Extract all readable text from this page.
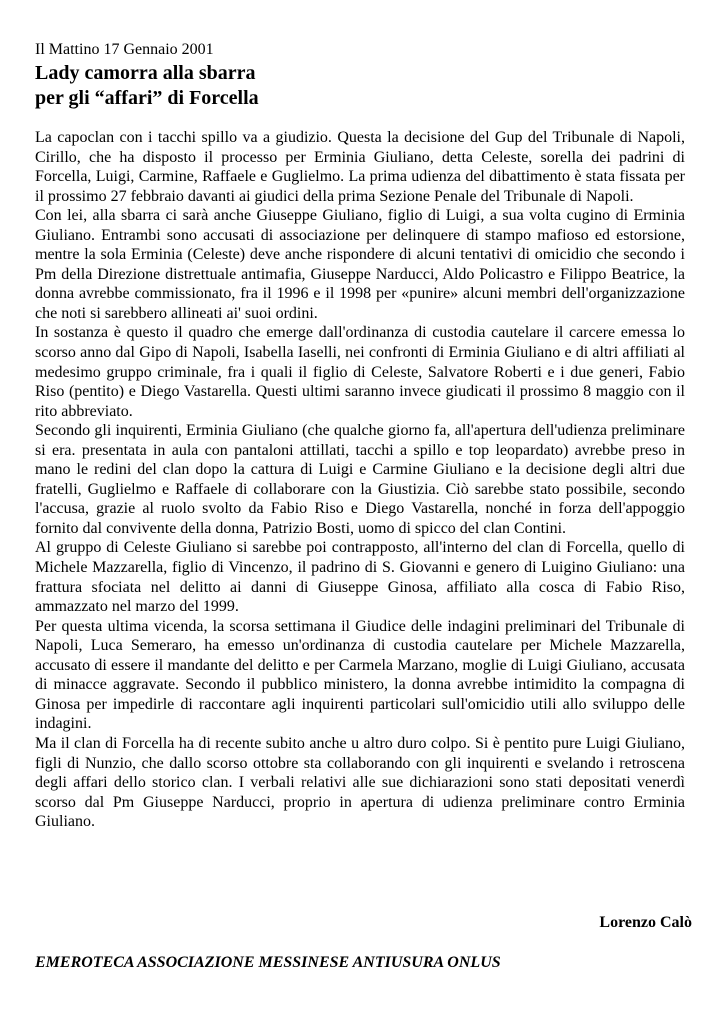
Il Mattino 17 Gennaio 2001

Lady camorra alla sbarra
per gli “affari” di Forcella

La capoclan con i tacchi spillo va a giudizio. Questa la decisione del Gup del Tribunale di Napoli, Cirillo, che ha disposto il processo per Erminia Giuliano, detta Celeste, sorella dei padrini di Forcella, Luigi, Carmine, Raffaele e Guglielmo. La prima udienza del dibattimento è stata fissata per il prossimo 27 febbraio davanti ai giudici della prima Sezione Penale del Tribunale di Napoli.

Con lei, alla sbarra ci sarà anche Giuseppe Giuliano, figlio di Luigi, a sua volta cugino di Erminia Giuliano. Entrambi sono accusati di associazione per delinquere di stampo mafioso ed estorsione, mentre la sola Erminia (Celeste) deve anche rispondere di alcuni tentativi di omicidio che secondo i Pm della Direzione distrettuale antimafia, Giuseppe Narducci, Aldo Policastro e Filippo Beatrice, la donna avrebbe commissionato, fra il 1996 e il 1998 per «punire» alcuni membri dell'organizzazione che noti si sarebbero allineati ai' suoi ordini.

In sostanza è questo il quadro che emerge dall'ordinanza di custodia cautelare il carcere emessa lo scorso anno dal Gipo di Napoli, Isabella Iaselli, nei confronti di Erminia Giuliano e di altri affiliati al medesimo gruppo criminale, fra i quali il figlio di Celeste, Salvatore Roberti e i due generi, Fabio Riso (pentito) e Diego Vastarella. Questi ultimi saranno invece giudicati il prossimo 8 maggio con il rito abbreviato.

Secondo gli inquirenti, Erminia Giuliano (che qualche giorno fa, all'apertura dell'udienza preliminare si era. presentata in aula con pantaloni attillati, tacchi a spillo e top leopardato) avrebbe preso in mano le redini del clan dopo la cattura di Luigi e Carmine Giuliano e la decisione degli altri due fratelli, Guglielmo e Raffaele di collaborare con la Giustizia. Ciò sarebbe stato possibile, secondo l'accusa, grazie al ruolo svolto da Fabio Riso e Diego Vastarella, nonché in forza dell'appoggio fornito dal convivente della donna, Patrizio Bosti, uomo di spicco del clan Contini.

Al gruppo di Celeste Giuliano si sarebbe poi contrapposto, all'interno del clan di Forcella, quello di Michele Mazzarella, figlio di Vincenzo, il padrino di S. Giovanni e genero di Luigino Giuliano: una frattura sfociata nel delitto ai danni di Giuseppe Ginosa, affiliato alla cosca di Fabio Riso, ammazzato nel marzo del 1999.

Per questa ultima vicenda, la scorsa settimana il Giudice delle indagini preliminari del Tribunale di Napoli, Luca Semeraro, ha emesso un'ordinanza di custodia cautelare per Michele Mazzarella, accusato di essere il mandante del delitto e per Carmela Marzano, moglie di Luigi Giuliano, accusata di minacce aggravate. Secondo il pubblico ministero, la donna avrebbe intimidito la compagna di Ginosa per impedirle di raccontare agli inquirenti particolari sull'omicidio utili allo sviluppo delle indagini.

Ma il clan di Forcella ha di recente subito anche u altro duro colpo. Si è pentito pure Luigi Giuliano, figli di Nunzio, che dallo scorso ottobre sta collaborando con gli inquirenti e svelando i retroscena degli affari dello storico clan. I verbali relativi alle sue dichiarazioni sono stati depositati venerdì scorso dal Pm Giuseppe Narducci, proprio in apertura di udienza preliminare contro Erminia Giuliano.

Lorenzo Calò
EMEROTECA ASSOCIAZIONE MESSINESE ANTIUSURA ONLUS
